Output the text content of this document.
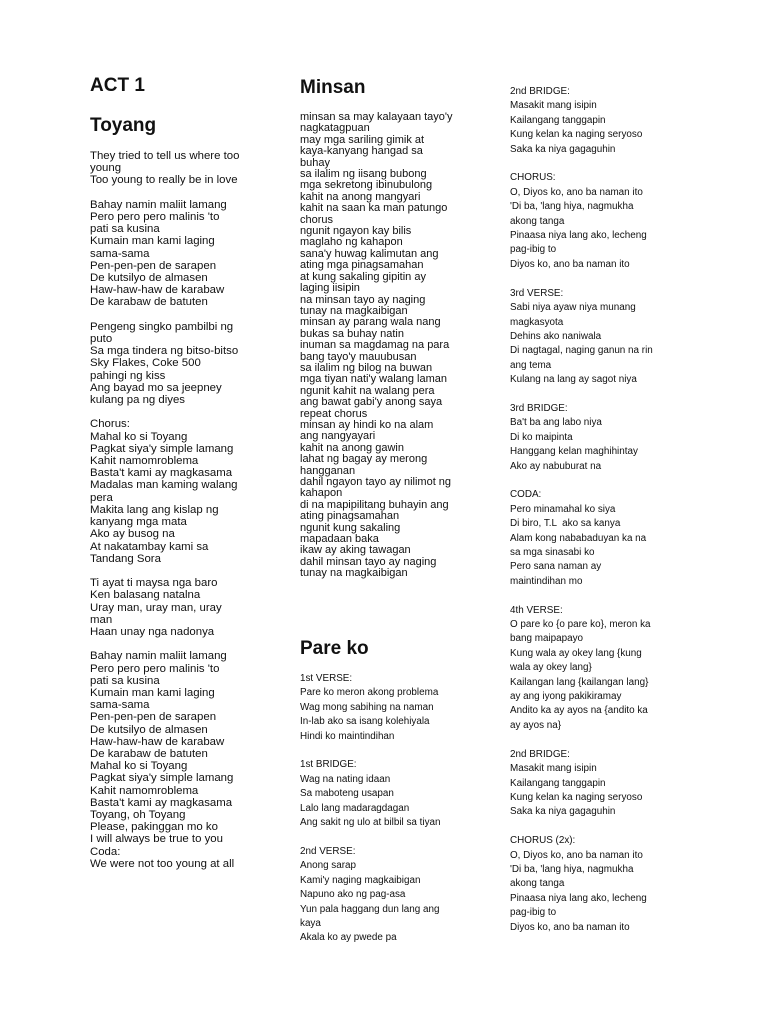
ACT 1
Toyang
They tried to tell us where too
young
Too young to really be in love

Bahay namin maliit lamang
Pero pero pero malinis 'to
pati sa kusina
Kumain man kami laging
sama-sama
Pen-pen-pen de sarapen
De kutsilyo de almasen
Haw-haw-haw de karabaw
De karabaw de batuten

Pengeng singko pambilbi ng
puto
Sa mga tindera ng bitso-bitso
Sky Flakes, Coke 500
pahingi ng kiss
Ang bayad mo sa jeepney
kulang pa ng diyes

Chorus:
Mahal ko si Toyang
Pagkat siya'y simple lamang
Kahit namomroblema
Basta't kami ay magkasama
Madalas man kaming walang
pera
Makita lang ang kislap ng
kanyang mga mata
Ako ay busog na
At nakatambay kami sa
Tandang Sora

Ti ayat ti maysa nga baro
Ken balasang natalna
Uray man, uray man, uray
man
Haan unay nga nadonya

Bahay namin maliit lamang
Pero pero pero malinis 'to
pati sa kusina
Kumain man kami laging
sama-sama
Pen-pen-pen de sarapen
De kutsilyo de almasen
Haw-haw-haw de karabaw
De karabaw de batuten
Mahal ko si Toyang
Pagkat siya'y simple lamang
Kahit namomroblema
Basta't kami ay magkasama
Toyang, oh Toyang
Please, pakinggan mo ko
I will always be true to you
Coda:
We were not too young at all
Minsan
minsan sa may kalayaan tayo'y
nagkatagpuan
may mga sariling gimik at
kaya-kanyang hangad sa
buhay
sa ilalim ng iisang bubong
mga sekretong ibinubulong
kahit na anong mangyari
kahit na saan ka man patungo
chorus
ngunit ngayon kay bilis
maglaho ng kahapon
sana'y huwag kalimutan ang
ating mga pinagsamahan
at kung sakaling gipitin ay
laging iisipin
na minsan tayo ay naging
tunay na magkaibigan
minsan ay parang wala nang
bukas sa buhay natin
inuman sa magdamag na para
bang tayo'y mauubusan
sa ilalim ng bilog na buwan
mga tiyan nati'y walang laman
ngunit kahit na walang pera
ang bawat gabi'y anong saya
repeat chorus
minsan ay hindi ko na alam
ang nangyayari
kahit na anong gawin
lahat ng bagay ay merong
hangganan
dahil ngayon tayo ay nilimot ng
kahapon
di na mapipilitang buhayin ang
ating pinagsamahan
ngunit kung sakaling
mapadaan baka
ikaw ay aking tawagan
dahil minsan tayo ay naging
tunay na magkaibigan
Pare ko
1st VERSE:
Pare ko meron akong problema
Wag mong sabihing na naman
In-lab ako sa isang kolehiyala
Hindi ko maintindihan

1st BRIDGE:
Wag na nating idaan
Sa maboteng usapan
Lalo lang madaragdagan
Ang sakit ng ulo at bilbil sa tiyan

2nd VERSE:
Anong sarap
Kami'y naging magkaibigan
Napuno ako ng pag-asa
Yun pala haggang dun lang ang
kaya
Akala ko ay pwede pa
2nd BRIDGE:
Masakit mang isipin
Kailangang tanggapin
Kung kelan ka naging seryoso
Saka ka niya gagaguhin

CHORUS:
O, Diyos ko, ano ba naman ito
'Di ba, 'lang hiya, nagmukha
akong tanga
Pinaasa niya lang ako, lecheng
pag-ibig to
Diyos ko, ano ba naman ito

3rd VERSE:
Sabi niya ayaw niya munang
magkasyota
Dehins ako naniwala
Di nagtagal, naging ganun na rin
ang tema
Kulang na lang ay sagot niya

3rd BRIDGE:
Ba't ba ang labo niya
Di ko maipinta
Hanggang kelan maghihintay
Ako ay nabuburat na

CODA:
Pero minamahal ko siya
Di biro, T.L  ako sa kanya
Alam kong nababaduyan ka na
sa mga sinasabi ko
Pero sana naman ay
maintindihan mo

4th VERSE:
O pare ko {o pare ko}, meron ka
bang maipapayo
Kung wala ay okey lang {kung
wala ay okey lang}
Kailangan lang {kailangan lang}
ay ang iyong pakikiramay
Andito ka ay ayos na {andito ka
ay ayos na}

2nd BRIDGE:
Masakit mang isipin
Kailangang tanggapin
Kung kelan ka naging seryoso
Saka ka niya gagaguhin

CHORUS (2x):
O, Diyos ko, ano ba naman ito
'Di ba, 'lang hiya, nagmukha
akong tanga
Pinaasa niya lang ako, lecheng
pag-ibig to
Diyos ko, ano ba naman ito
